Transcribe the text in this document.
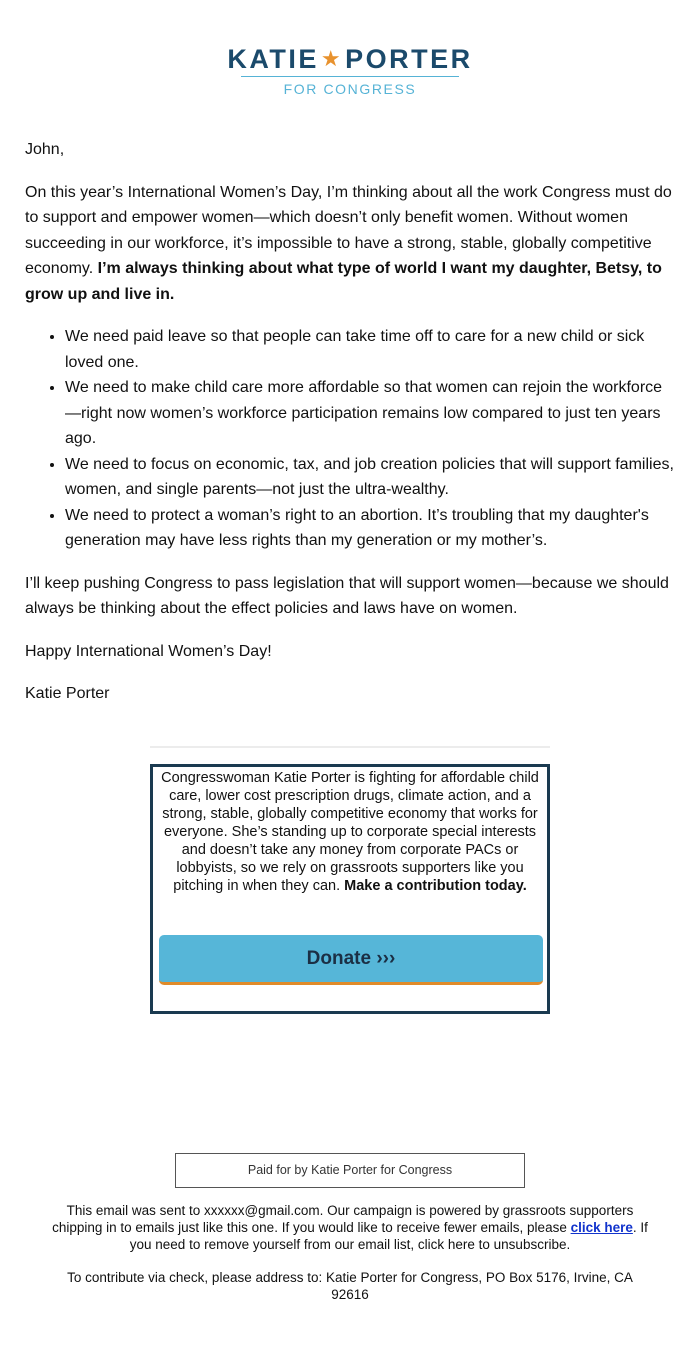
KATIE★PORTER
FOR CONGRESS

John,

On this year’s International Women’s Day, I’m thinking about all the work Congress must do to support and empower women—which doesn’t only benefit women. Without women succeeding in our workforce, it’s impossible to have a strong, stable, globally competitive economy. I’m always thinking about what type of world I want my daughter, Betsy, to grow up and live in.

• We need paid leave so that people can take time off to care for a new child or sick loved one.
• We need to make child care more affordable so that women can rejoin the workforce—right now women’s workforce participation remains low compared to just ten years ago.
• We need to focus on economic, tax, and job creation policies that will support families, women, and single parents—not just the ultra-wealthy.
• We need to protect a woman’s right to an abortion. It’s troubling that my daughter's generation may have less rights than my generation or my mother’s.

I’ll keep pushing Congress to pass legislation that will support women—because we should always be thinking about the effect policies and laws have on women.

Happy International Women’s Day!

Katie Porter

Congresswoman Katie Porter is fighting for affordable child care, lower cost prescription drugs, climate action, and a strong, stable, globally competitive economy that works for everyone. She’s standing up to corporate special interests and doesn’t take any money from corporate PACs or lobbyists, so we rely on grassroots supporters like you pitching in when they can. Make a contribution today.
Donate ›››
Paid for by Katie Porter for Congress

This email was sent to xxxxxx@gmail.com. Our campaign is powered by grassroots supporters chipping in to emails just like this one. If you would like to receive fewer emails, please click here. If you need to remove yourself from our email list, click here to unsubscribe.

To contribute via check, please address to: Katie Porter for Congress, PO Box 5176, Irvine, CA 92616
